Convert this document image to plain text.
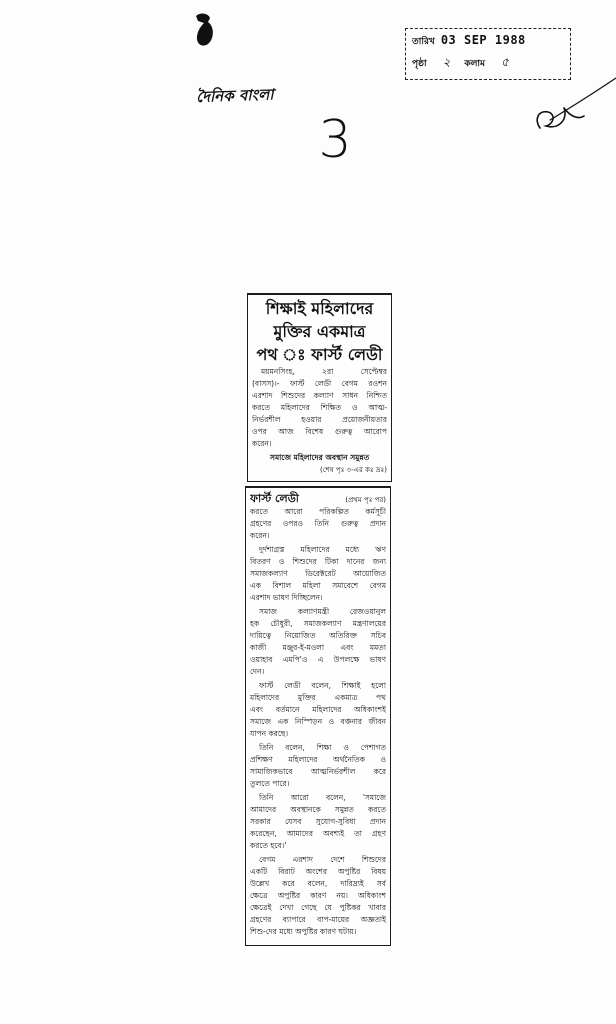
দৈনিক বাংলা
3
তারিখ 03 SEP 1988
পৃষ্ঠা ২ কলাম ৫
শিক্ষাই মহিলাদের
মুক্তির একমাত্র
পথ ঃ ফার্স্ট লেডী
ময়মনসিংহ, ২রা সেপ্টেম্বর
(বাসস)।- ফার্স্ট লেডী বেগম রওশন
এরশাদ শিশুদের কল্যাণ সাধন নিশ্চিত
করতে মহিলাদের শিক্ষিত ও আত্ম-
নির্ভরশীল হওয়ার প্রয়োজনীয়তার
ওপর আজ বিশেষ গুরুত্ব আরোপ
করেন।
সমাজে মহিলাদের অবস্থান সমুন্নত
(শেষ পৃঃ ৩-এর কঃ দ্রঃ)
ফার্স্ট লেডী	(প্রথম পৃঃ পর)
করতে আরো পরিকল্পিত কর্মসূচী
গ্রহণের ওপরও তিনি গুরুত্ব প্রদান
করেন।
দুর্দশাগ্রস্ত মহিলাদের মধ্যে ঋণ
বিতরণ ও শিশুদের টিকা দানের জন্য
সমাজকল্যাণ ডিরেক্টরেট আয়োজিত
এক বিশাল মহিলা সমাবেশে বেগম
এরশাদ ভাষণ দিচ্ছিলেন।
সমাজ কল্যাণমন্ত্রী রেজওয়ানুল
হক চৌধুরী, সমাজকল্যাণ মন্ত্রণালয়ের
দায়িত্বে নিয়োজিত অতিরিক্ত সচিব
কাজী মঞ্জুর-ই-মওলা এবং মমতা
ওয়াহাব এমপি'ও এ উপলক্ষে ভাষণ
দেন।
ফার্স্ট লেডী বলেন, শিক্ষাই হলো
মহিলাদের মুক্তির একমাত্র পথ
এবং বর্তমানে মহিলাদের অধিকাংশই
সমাজে এক নিস্পিড়ন ও বঞ্চনার জীবন
যাপন করছে।
তিনি বলেন, শিক্ষা ও পেশাগত
প্রশিক্ষণ মহিলাদের অর্থনৈতিক ও
সামাজিকভাবে আত্মনির্ভরশীল করে
তুলতে পারে।
তিনি আরো বলেন, 'সমাজে
আমাদের অবস্থানকে সমুন্নত করতে
সরকার যেসব সুযোগ-সুবিধা প্রদান
করেছেন, আমাদের অবশ্যই তা গ্রহণ
করতে হবে।'
বেগম এরশাদ দেশে শিশুদের
একটি বিরাট অংশের অপুষ্টির বিষয়
উল্লেখ করে বলেন, দারিদ্র্যই সর্ব
ক্ষেত্রে অপুষ্টির কারণ নয়। অধিকাংশ
ক্ষেত্রেই দেখা গেছে যে পুষ্টিকর খাবার
গ্রহণের ব্যাপারে বাপ-মায়ের অজ্ঞতাই
শিশু-দের মধ্যে অপুষ্টির কারণ ঘটায়।
